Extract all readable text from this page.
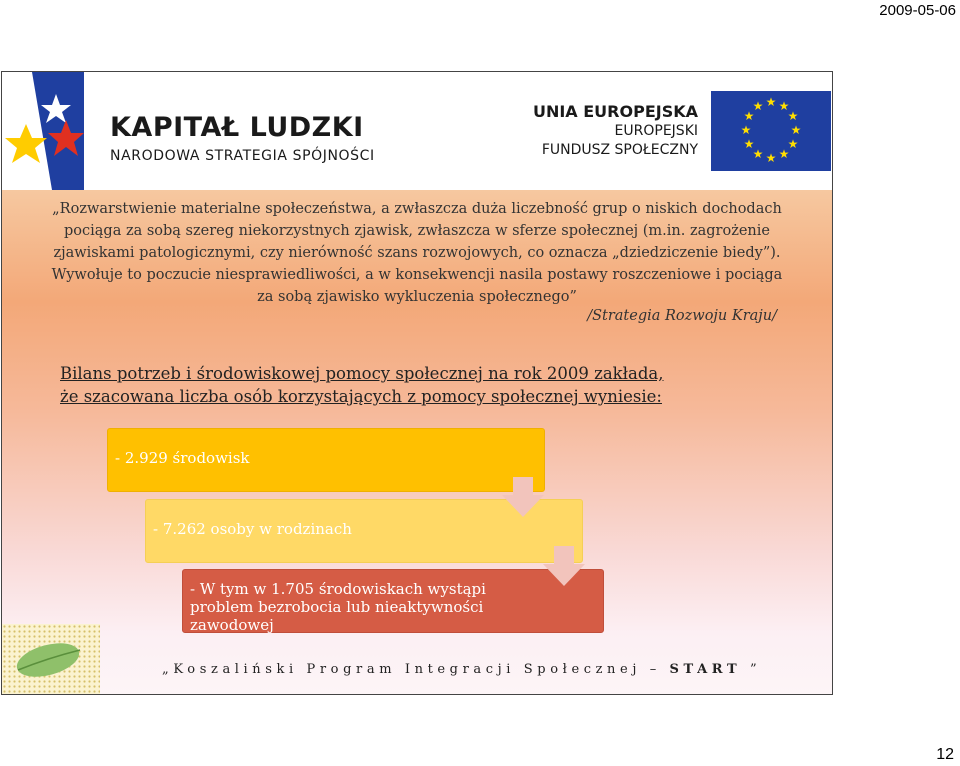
2009-05-06
KAPITAŁ LUDZKI
NARODOWA STRATEGIA SPÓJNOŚCI
UNIA EUROPEJSKA
EUROPEJSKI
FUNDUSZ SPOŁECZNY
★ ★
★
★
★
★
★
★
★
★
★
★
„Rozwarstwienie materialne społeczeństwa, a zwłaszcza duża liczebność grup o niskich dochodach pociąga za sobą szereg niekorzystnych zjawisk, zwłaszcza w sferze społecznej (m.in. zagrożenie zjawiskami patologicznymi, czy nierówność szans rozwojowych, co oznacza „dziedziczenie biedy”). Wywołuje to poczucie niesprawiedliwości, a w konsekwencji nasila postawy roszczeniowe i pociąga za sobą zjawisko wykluczenia społecznego”
/Strategia Rozwoju Kraju/
Bilans potrzeb i środowiskowej pomocy społecznej na rok 2009 zakłada, że szacowana liczba osób korzystających z pomocy społecznej wyniesie:
- 2.929 środowisk
- 7.262 osoby w rodzinach
- W tym w 1.705 środowiskach wystąpi problem bezrobocia lub nieaktywności zawodowej
„Koszaliński Program Integracji Społecznej – START ”
12
